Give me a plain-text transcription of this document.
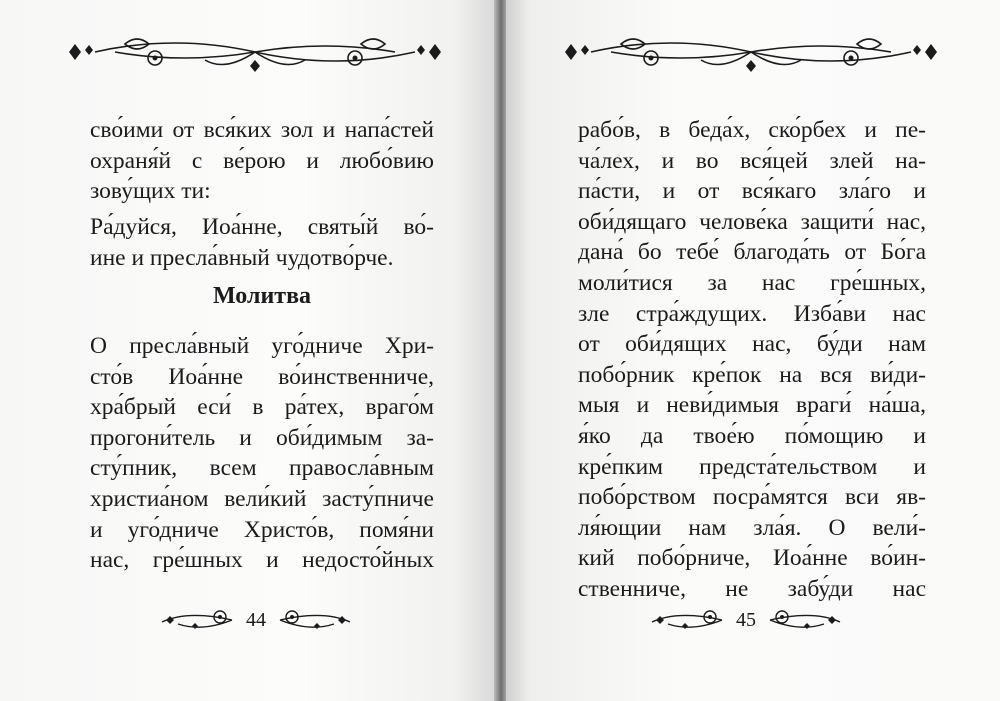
сво́ими от вся́ких зол и напа́стей
охраня́й с ве́рою и любо́вию
зову́щих ти:
Ра́дуйся, Иоа́нне, святы́й во́-
ине и пресла́вный чудотво́рче.
Молитва
О пресла́вный уго́дниче Хри-
сто́в Иоа́нне во́инственниче,
хра́брый еси́ в ра́тех, враго́м
прогони́тель и оби́димым за-
сту́пник, всем правосла́вным
христиа́ном вели́кий засту́пниче
и уго́дниче Христо́в, помя́ни
нас, гре́шных и недосто́йных
44
рабо́в, в беда́х, ско́рбех и пе-
ча́лех, и во вся́цей злей на-
па́сти, и от вся́каго зла́го и
оби́дящаго челове́ка защити́ нас,
дана́ бо тебе́ благода́ть от Бо́га
моли́тися за нас гре́шных,
зле стра́ждущих. Изба́ви нас
от оби́дящих нас, бу́ди нам
побо́рник кре́пок на вся ви́ди-
мыя и неви́димыя враги́ на́ша,
я́ко да твое́ю по́мощию и
кре́пким предста́тельством и
побо́рством посра́мятся вси яв-
ля́ющии нам зла́я. О вели́-
кий побо́рниче, Иоа́нне во́ин-
ственниче, не забу́ди нас
45
